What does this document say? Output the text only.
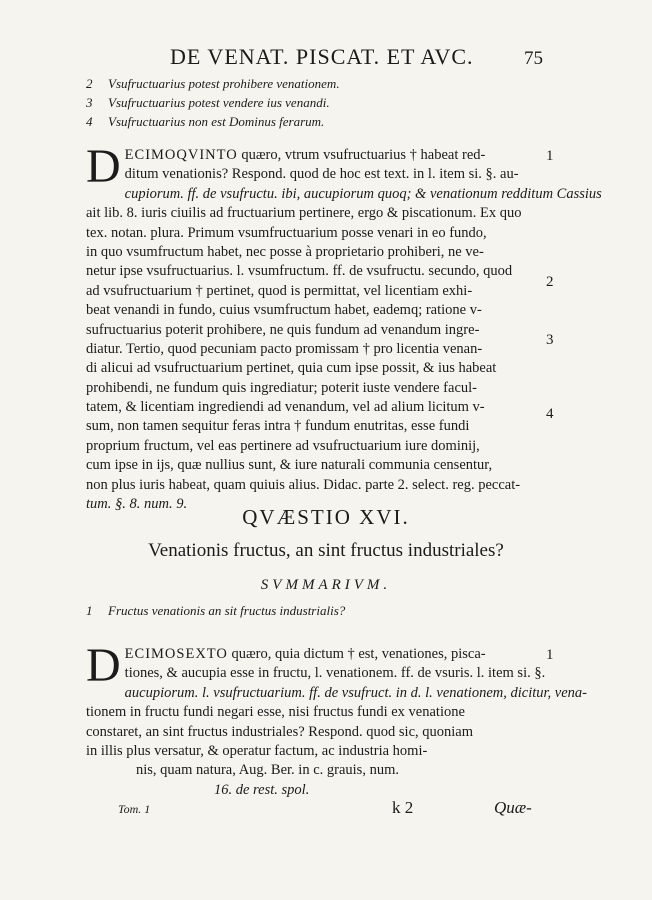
DE VENAT. PISCAT. ET AVC.	75
2	Vsufructuarius potest prohibere venationem.
3	Vsufructuarius potest vendere ius venandi.
4	Vsufructuarius non est Dominus ferarum.
D ECIMOQVINTO quæro, vtrum vsufructuarius † habeat red-
ditum venationis? Respond. quod de hoc est text. in l. item si. §. au-
cupiorum. ff. de vsufructu. ibi, aucupiorum quoq; & venationum redditum Cassius
ait lib. 8. iuris ciuilis ad fructuarium pertinere, ergo & piscationum. Ex quo
tex. notan. plura. Primum vsumfructuarium posse venari in eo fundo,
in quo vsumfructum habet, nec posse à proprietario prohiberi, ne ve-
netur ipse vsufructuarius. l. vsumfructum. ff. de vsufructu. secundo, quod
ad vsufructuarium † pertinet, quod is permittat, vel licentiam exhi-
beat venandi in fundo, cuius vsumfructum habet, eademq; ratione v-
sufructuarius poterit prohibere, ne quis fundum ad venandum ingre-
diatur. Tertio, quod pecuniam pacto promissam † pro licentia venan-
di alicui ad vsufructuarium pertinet, quia cum ipse possit, & ius habeat
prohibendi, ne fundum quis ingrediatur; poterit iuste vendere facul-
tatem, & licentiam ingrediendi ad venandum, vel ad alium licitum v-
sum, non tamen sequitur feras intra † fundum enutritas, esse fundi
proprium fructum, vel eas pertinere ad vsufructuarium iure dominij,
cum ipse in ijs, quæ nullius sunt, & iure naturali communia censentur,
non plus iuris habeat, quam quiuis alius. Didac. parte 2. select. reg. peccat-
tum. §. 8. num. 9.
1
2
3
4
QVÆSTIO XVI.
Venationis fructus, an sint fructus industriales?
SVMMARIVM.
1	Fructus venationis an sit fructus industrialis?
D ECIMOSEXTO quæro, quia dictum † est, venationes, pisca-
tiones, & aucupia esse in fructu, l. venationem. ff. de vsuris. l. item si. §.
aucupiorum. l. vsufructuarium. ff. de vsufruct. in d. l. venationem, dicitur, vena-
tionem in fructu fundi negari esse, nisi fructus fundi ex venatione
constaret, an sint fructus industriales? Respond. quod sic, quoniam
in illis plus versatur, & operatur factum, ac industria homi-
nis, quam natura, Aug. Ber. in c. grauis, num.
16. de rest. spol.
1
Tom. 1	k 2	Quæ-
